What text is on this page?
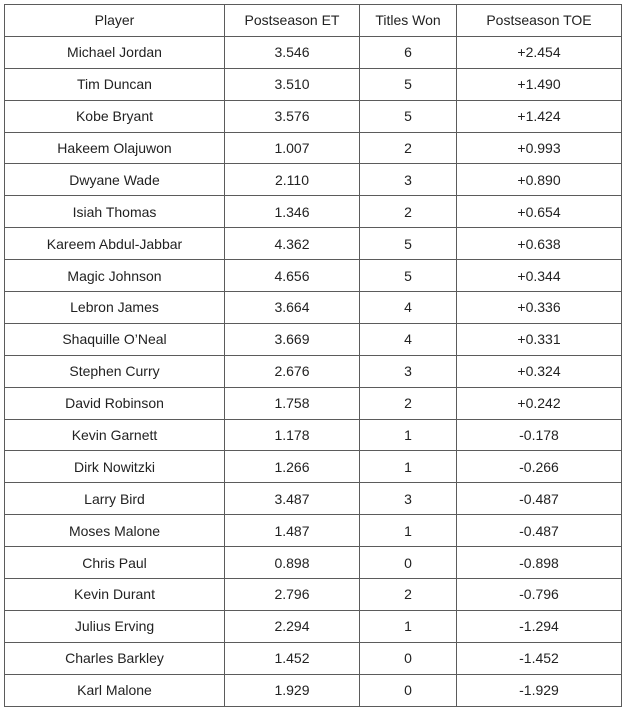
Player	Postseason ET	Titles Won	Postseason TOE
Michael Jordan	3.546	6	+2.454
Tim Duncan	3.510	5	+1.490
Kobe Bryant	3.576	5	+1.424
Hakeem Olajuwon	1.007	2	+0.993
Dwyane Wade	2.110	3	+0.890
Isiah Thomas	1.346	2	+0.654
Kareem Abdul-Jabbar	4.362	5	+0.638
Magic Johnson	4.656	5	+0.344
Lebron James	3.664	4	+0.336
Shaquille O’Neal	3.669	4	+0.331
Stephen Curry	2.676	3	+0.324
David Robinson	1.758	2	+0.242
Kevin Garnett	1.178	1	-0.178
Dirk Nowitzki	1.266	1	-0.266
Larry Bird	3.487	3	-0.487
Moses Malone	1.487	1	-0.487
Chris Paul	0.898	0	-0.898
Kevin Durant	2.796	2	-0.796
Julius Erving	2.294	1	-1.294
Charles Barkley	1.452	0	-1.452
Karl Malone	1.929	0	-1.929
